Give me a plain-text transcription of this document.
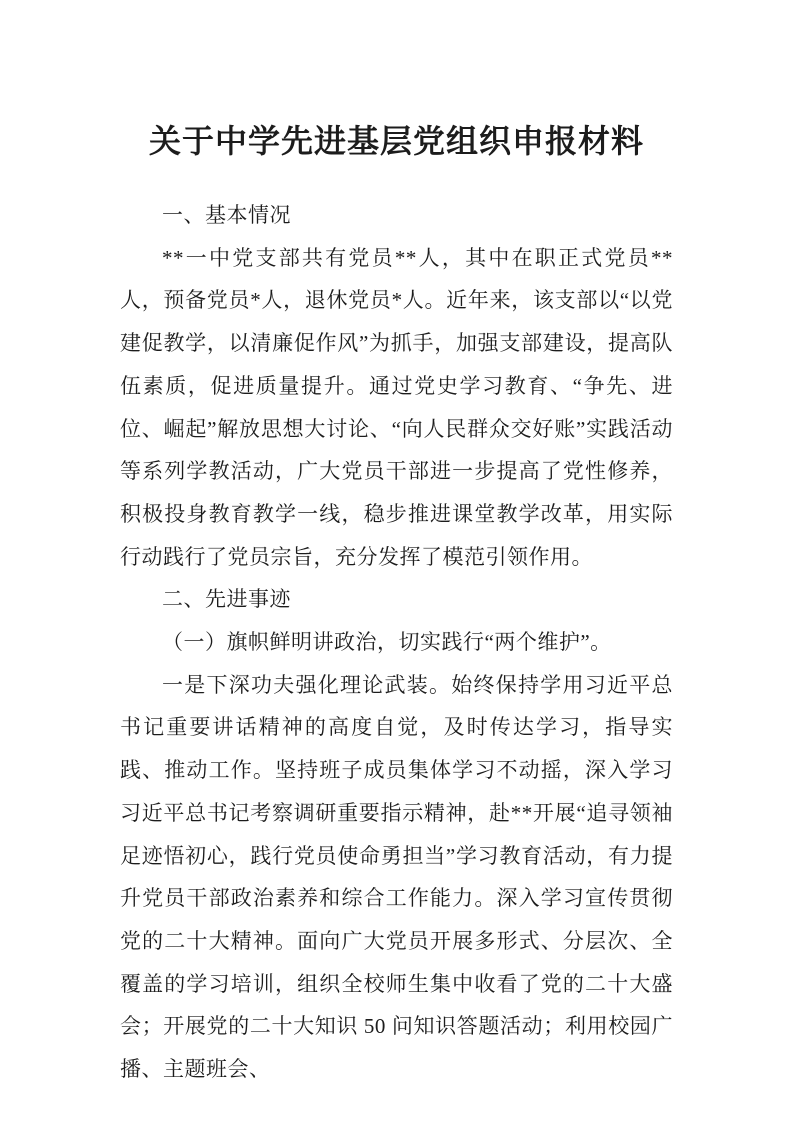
关于中学先进基层党组织申报材料

一、基本情况

**一中党支部共有党员**人，其中在职正式党员**人，预备党员*人，退休党员*人。近年来，该支部以“以党建促教学，以清廉促作风”为抓手，加强支部建设，提高队伍素质，促进质量提升。通过党史学习教育、“争先、进位、崛起”解放思想大讨论、“向人民群众交好账”实践活动等系列学教活动，广大党员干部进一步提高了党性修养，积极投身教育教学一线，稳步推进课堂教学改革，用实际行动践行了党员宗旨，充分发挥了模范引领作用。

二、先进事迹

（一）旗帜鲜明讲政治，切实践行“两个维护”。

一是下深功夫强化理论武装。始终保持学用习近平总书记重要讲话精神的高度自觉，及时传达学习，指导实践、推动工作。坚持班子成员集体学习不动摇，深入学习习近平总书记考察调研重要指示精神，赴**开展“追寻领袖足迹悟初心，践行党员使命勇担当”学习教育活动，有力提升党员干部政治素养和综合工作能力。深入学习宣传贯彻党的二十大精神。面向广大党员开展多形式、分层次、全覆盖的学习培训，组织全校师生集中收看了党的二十大盛会；开展党的二十大知识 50 问知识答题活动；利用校园广播、主题班会、
